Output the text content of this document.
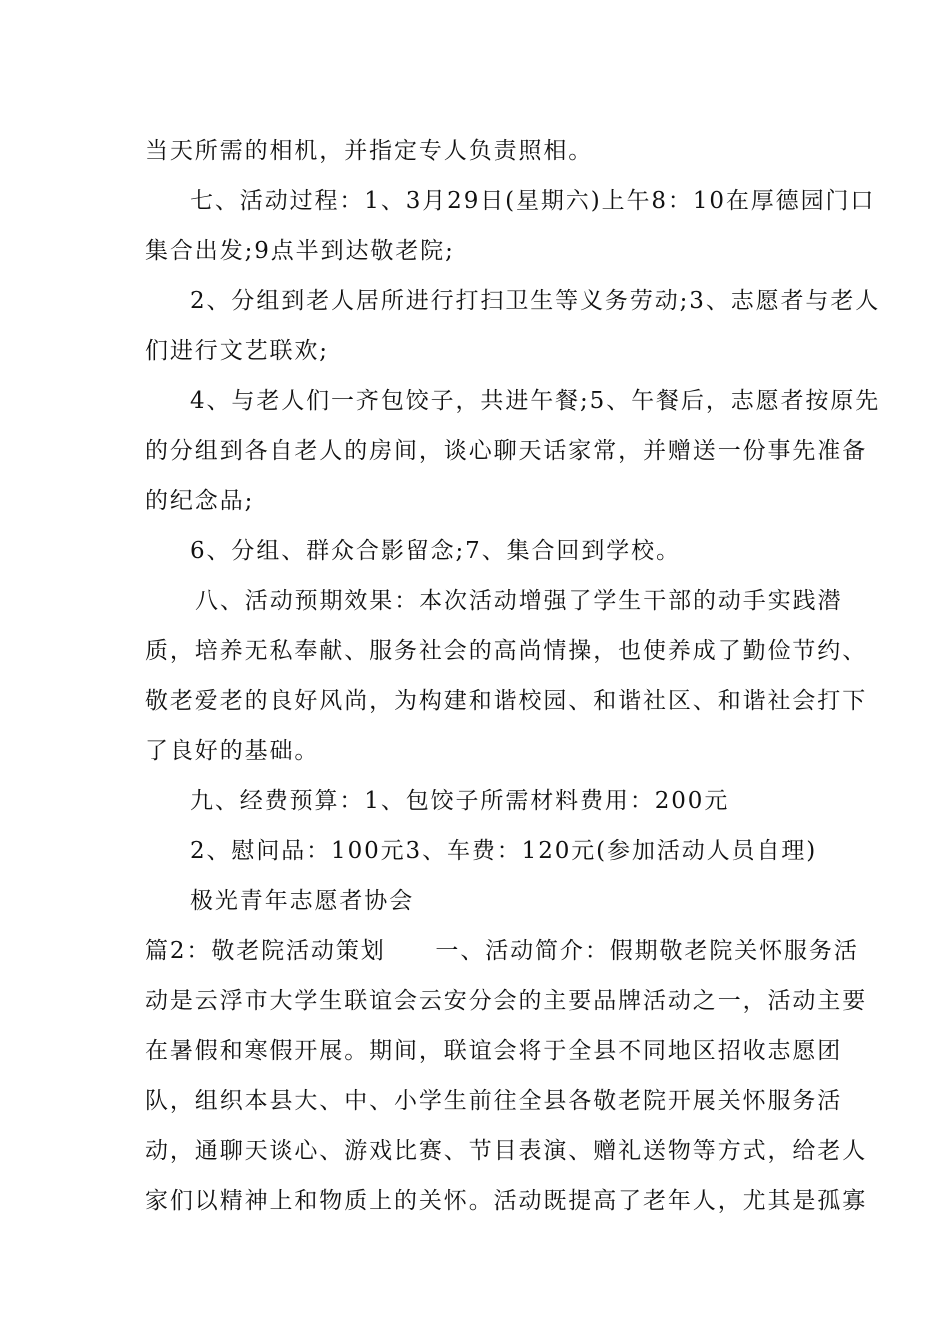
当天所需的相机，并指定专人负责照相。
七、活动过程：1、3月29日(星期六)上午8：10在厚德园门口
集合出发;9点半到达敬老院;
2、分组到老人居所进行打扫卫生等义务劳动;3、志愿者与老人
们进行文艺联欢;
4、与老人们一齐包饺子，共进午餐;5、午餐后，志愿者按原先
的分组到各自老人的房间，谈心聊天话家常，并赠送一份事先准备
的纪念品;
6、分组、群众合影留念;7、集合回到学校。
八、活动预期效果：本次活动增强了学生干部的动手实践潜
质，培养无私奉献、服务社会的高尚情操，也使养成了勤俭节约、
敬老爱老的良好风尚，为构建和谐校园、和谐社区、和谐社会打下
了良好的基础。
九、经费预算：1、包饺子所需材料费用：200元
2、慰问品：100元3、车费：120元(参加活动人员自理)
极光青年志愿者协会
篇2：敬老院活动策划　　一、活动简介：假期敬老院关怀服务活
动是云浮市大学生联谊会云安分会的主要品牌活动之一，活动主要
在暑假和寒假开展。期间，联谊会将于全县不同地区招收志愿团
队，组织本县大、中、小学生前往全县各敬老院开展关怀服务活
动，通聊天谈心、游戏比赛、节目表演、赠礼送物等方式，给老人
家们以精神上和物质上的关怀。活动既提高了老年人，尤其是孤寡
